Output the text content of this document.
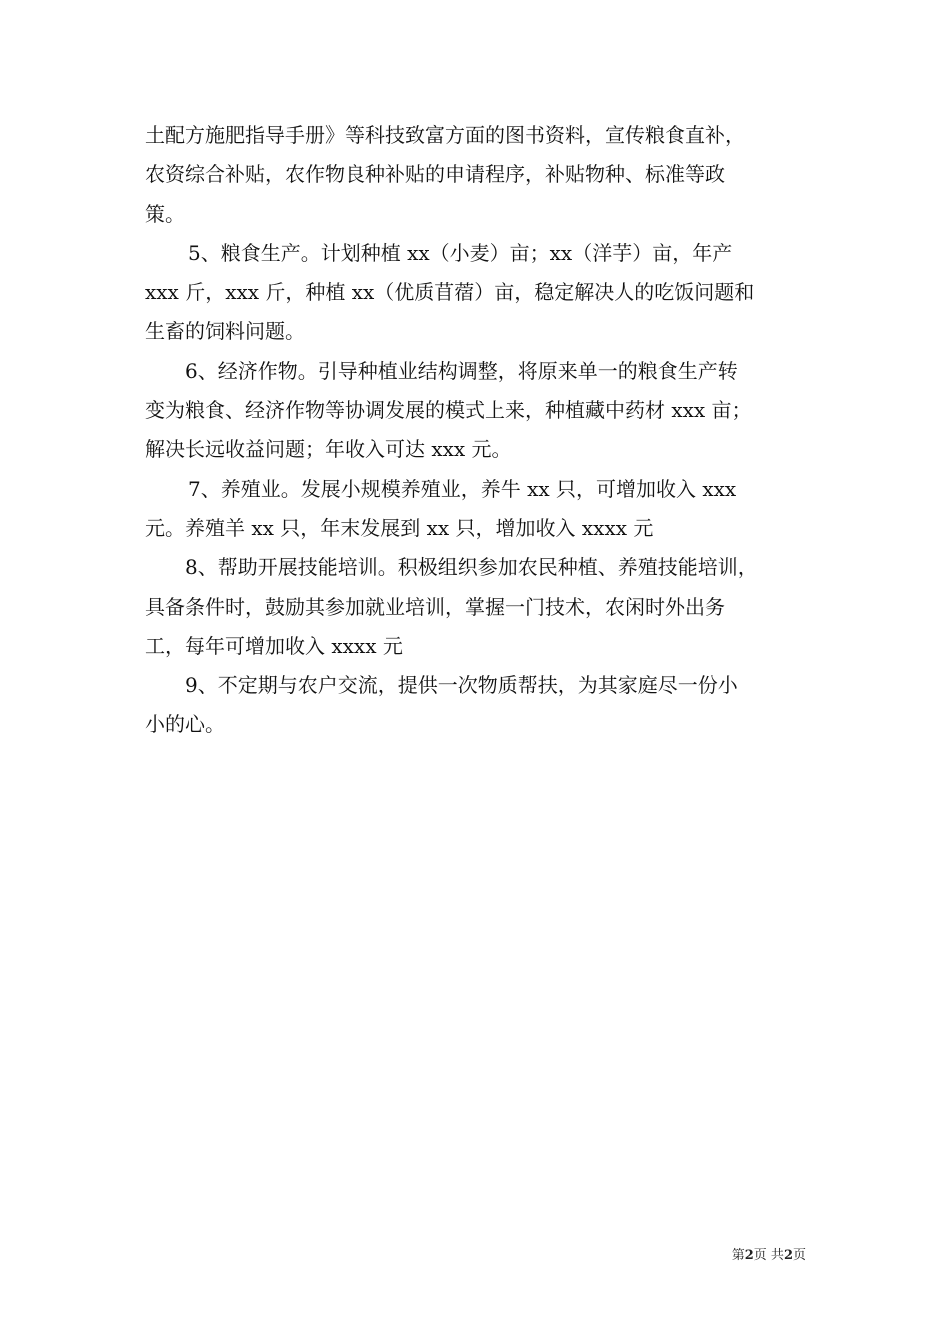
土配方施肥指导手册》等科技致富方面的图书资料，宣传粮食直补，
农资综合补贴，农作物良种补贴的申请程序，补贴物种、标准等政
策。
5、粮食生产。计划种植 xx（小麦）亩；xx（洋芋）亩，年产
xxx 斤，xxx 斤，种植 xx（优质苜蓿）亩，稳定解决人的吃饭问题和
生畜的饲料问题。
6、经济作物。引导种植业结构调整，将原来单一的粮食生产转
变为粮食、经济作物等协调发展的模式上来，种植藏中药材 xxx 亩；
解决长远收益问题；年收入可达 xxx 元。
7、养殖业。发展小规模养殖业，养牛 xx 只，可增加收入 xxx
元。养殖羊 xx 只，年末发展到 xx 只，增加收入 xxxx 元
8、帮助开展技能培训。积极组织参加农民种植、养殖技能培训，
具备条件时，鼓励其参加就业培训，掌握一门技术，农闲时外出务
工，每年可增加收入 xxxx 元
9、不定期与农户交流，提供一次物质帮扶，为其家庭尽一份小
小的心。
第2页 共2页
